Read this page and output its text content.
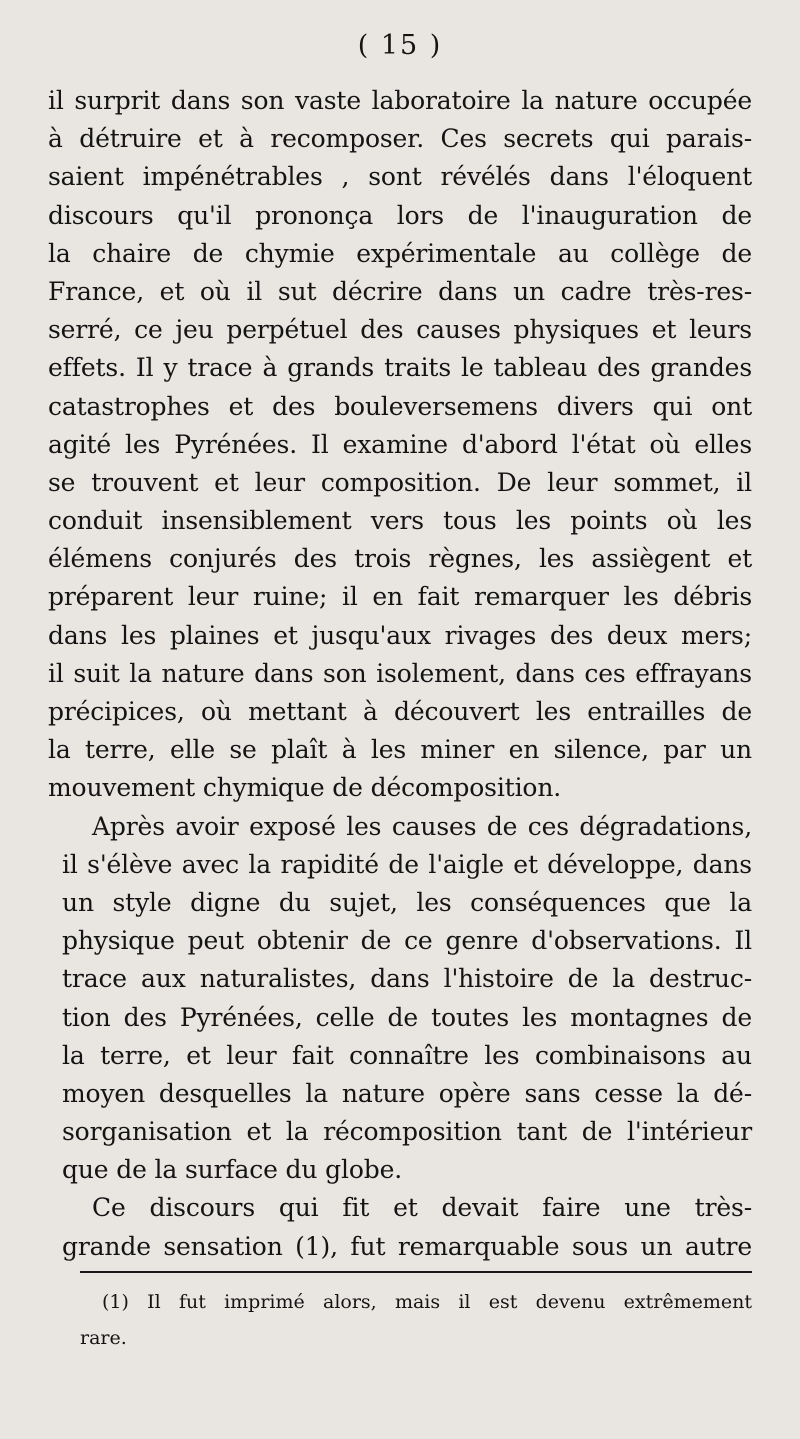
( 15 )
il surprit dans son vaste laboratoire la nature occupée
à détruire et à recomposer. Ces secrets qui parais-
saient impénétrables , sont révélés dans l'éloquent
discours qu'il prononça lors de l'inauguration de
la chaire de chymie expérimentale au collège de
France, et où il sut décrire dans un cadre très-res-
serré, ce jeu perpétuel des causes physiques et leurs
effets. Il y trace à grands traits le tableau des grandes
catastrophes et des bouleversemens divers qui ont
agité les Pyrénées. Il examine d'abord l'état où elles
se trouvent et leur composition. De leur sommet, il
conduit insensiblement vers tous les points où les
élémens conjurés des trois règnes, les assiègent et
préparent leur ruine; il en fait remarquer les débris
dans les plaines et jusqu'aux rivages des deux mers;
il suit la nature dans son isolement, dans ces effrayans
précipices, où mettant à découvert les entrailles de
la terre, elle se plaît à les miner en silence, par un
mouvement chymique de décomposition.
Après avoir exposé les causes de ces dégradations,
il s'élève avec la rapidité de l'aigle et développe, dans
un style digne du sujet, les conséquences que la
physique peut obtenir de ce genre d'observations. Il
trace aux naturalistes, dans l'histoire de la destruc-
tion des Pyrénées, celle de toutes les montagnes de
la terre, et leur fait connaître les combinaisons au
moyen desquelles la nature opère sans cesse la dé-
sorganisation et la récomposition tant de l'intérieur
que de la surface du globe.
Ce discours qui fit et devait faire une très-
grande sensation (1), fut remarquable sous un autre
(1) Il fut imprimé alors, mais il est devenu extrêmement
rare.
